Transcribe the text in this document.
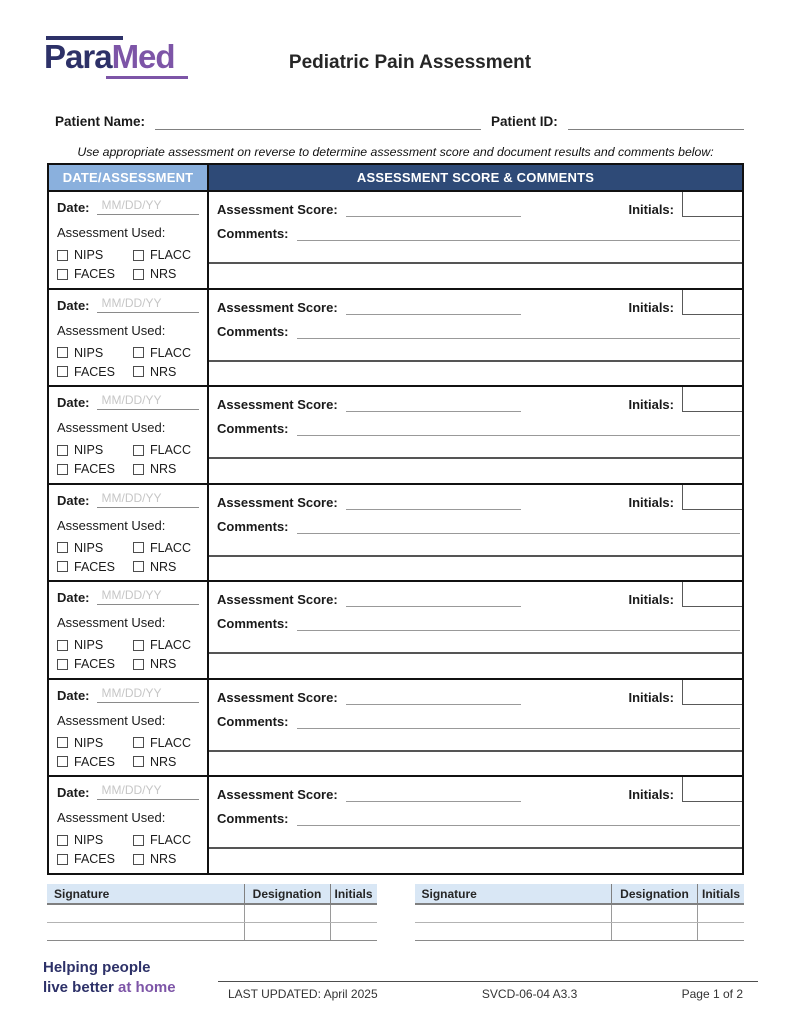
ParaMed	Pediatric Pain Assessment
Patient Name:	Patient ID:
Use appropriate assessment on reverse to determine assessment score and document results and comments below:
DATE/ASSESSMENT	ASSESSMENT SCORE & COMMENTS
Date:	MM/DD/YY
Assessment Used:
NIPS	FLACC
FACES	NRS
Assessment Score:	Initials:
Comments:
Date:	MM/DD/YY
Assessment Used:
NIPS	FLACC
FACES	NRS
Assessment Score:	Initials:
Comments:
Date:	MM/DD/YY
Assessment Used:
NIPS	FLACC
FACES	NRS
Assessment Score:	Initials:
Comments:
Date:	MM/DD/YY
Assessment Used:
NIPS	FLACC
FACES	NRS
Assessment Score:	Initials:
Comments:
Date:	MM/DD/YY
Assessment Used:
NIPS	FLACC
FACES	NRS
Assessment Score:	Initials:
Comments:
Date:	MM/DD/YY
Assessment Used:
NIPS	FLACC
FACES	NRS
Assessment Score:	Initials:
Comments:
Date:	MM/DD/YY
Assessment Used:
NIPS	FLACC
FACES	NRS
Assessment Score:	Initials:
Comments:
Signature	Designation	Initials	Signature	Designation	Initials
Helping people
live better at home	LAST UPDATED: April 2025	SVCD-06-04 A3.3	Page 1 of 2
